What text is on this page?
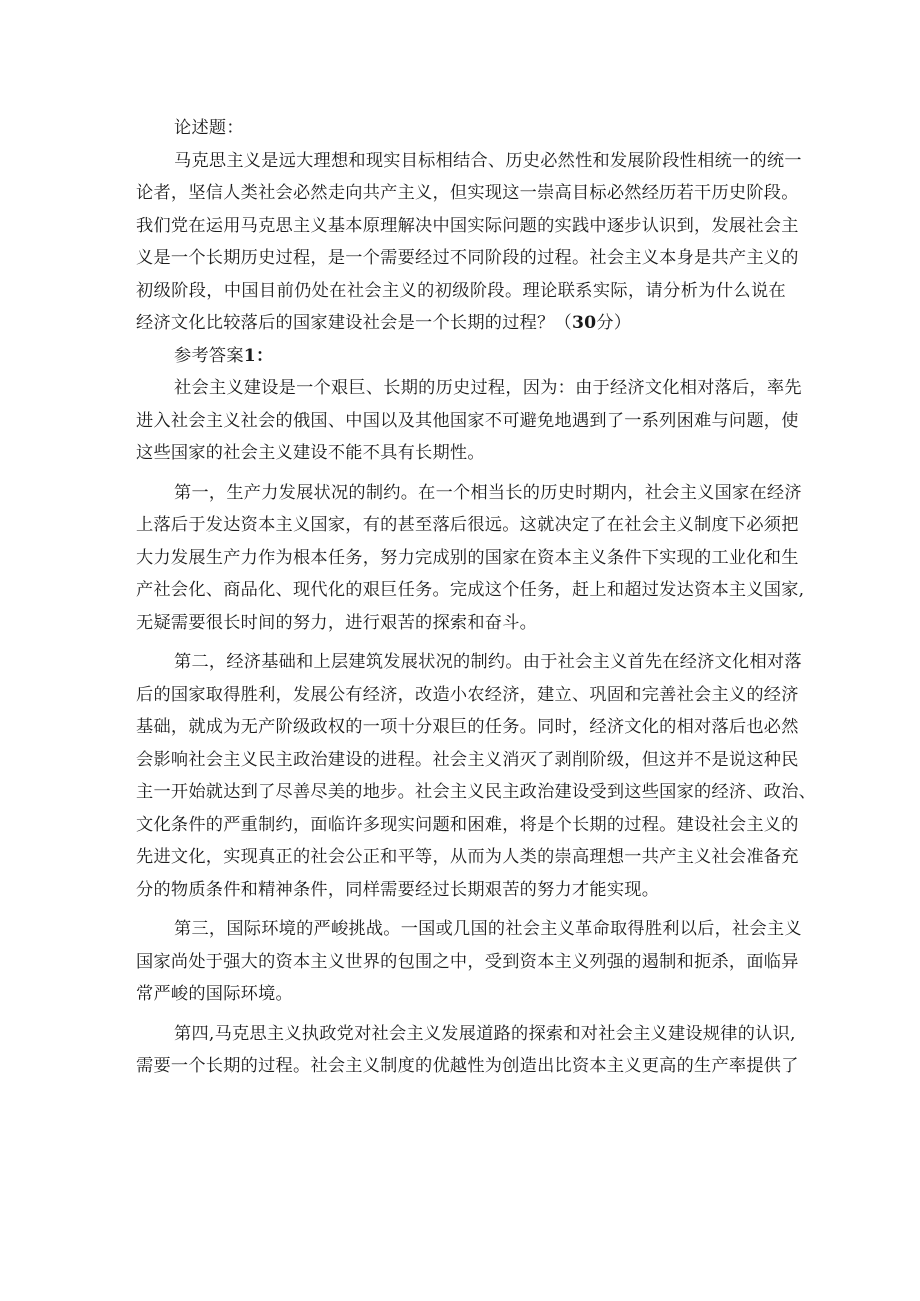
论述题：
马克思主义是远大理想和现实目标相结合、历史必然性和发展阶段性相统一的统一
论者，坚信人类社会必然走向共产主义，但实现这一崇高目标必然经历若干历史阶段。
我们党在运用马克思主义基本原理解决中国实际问题的实践中逐步认识到，发展社会主
义是一个长期历史过程，是一个需要经过不同阶段的过程。社会主义本身是共产主义的
初级阶段，中国目前仍处在社会主义的初级阶段。理论联系实际，请分析为什么说在
经济文化比较落后的国家建设社会是一个长期的过程？（30分）
参考答案1：
社会主义建设是一个艰巨、长期的历史过程，因为：由于经济文化相对落后，率先
进入社会主义社会的俄国、中国以及其他国家不可避免地遇到了一系列困难与问题，使
这些国家的社会主义建设不能不具有长期性。
第一，生产力发展状况的制约。在一个相当长的历史时期内，社会主义国家在经济
上落后于发达资本主义国家，有的甚至落后很远。这就决定了在社会主义制度下必须把
大力发展生产力作为根本任务，努力完成别的国家在资本主义条件下实现的工业化和生
产社会化、商品化、现代化的艰巨任务。完成这个任务，赶上和超过发达资本主义国家,
无疑需要很长时间的努力，进行艰苦的探索和奋斗。
第二，经济基础和上层建筑发展状况的制约。由于社会主义首先在经济文化相对落
后的国家取得胜利，发展公有经济，改造小农经济，建立、巩固和完善社会主义的经济
基础，就成为无产阶级政权的一项十分艰巨的任务。同时，经济文化的相对落后也必然
会影响社会主义民主政治建设的进程。社会主义消灭了剥削阶级，但这并不是说这种民
主一开始就达到了尽善尽美的地步。社会主义民主政治建设受到这些国家的经济、政治、
文化条件的严重制约，面临许多现实问题和困难，将是个长期的过程。建设社会主义的
先进文化，实现真正的社会公正和平等，从而为人类的崇高理想一共产主义社会准备充
分的物质条件和精神条件，同样需要经过长期艰苦的努力才能实现。
第三，国际环境的严峻挑战。一国或几国的社会主义革命取得胜利以后，社会主义
国家尚处于强大的资本主义世界的包围之中，受到资本主义列强的遏制和扼杀，面临异
常严峻的国际环境。
第四,马克思主义执政党对社会主义发展道路的探索和对社会主义建设规律的认识,
需要一个长期的过程。社会主义制度的优越性为创造出比资本主义更高的生产率提供了
